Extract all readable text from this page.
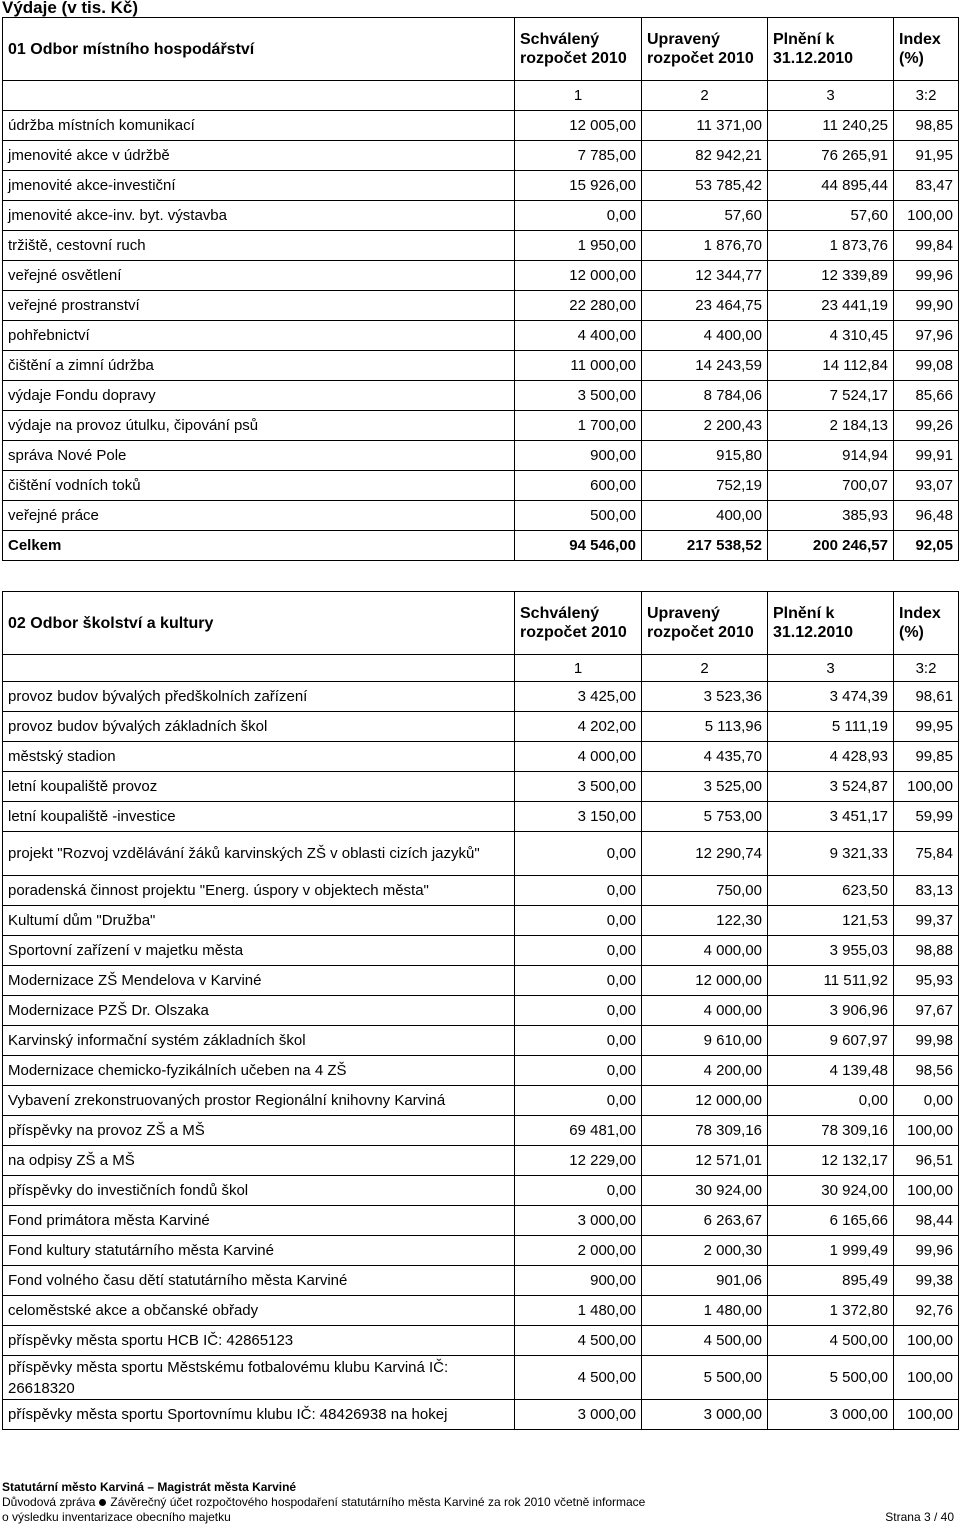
Výdaje (v tis. Kč)
01 Odbor místního hospodářství	Schválený rozpočet 2010	Upravený rozpočet 2010	Plnění k 31.12.2010	Index (%)
	1	2	3	3:2
údržba místních komunikací	12 005,00	11 371,00	11 240,25	98,85
jmenovité akce v údržbě	7 785,00	82 942,21	76 265,91	91,95
jmenovité akce-investiční	15 926,00	53 785,42	44 895,44	83,47
jmenovité akce-inv. byt. výstavba	0,00	57,60	57,60	100,00
tržiště, cestovní ruch	1 950,00	1 876,70	1 873,76	99,84
veřejné osvětlení	12 000,00	12 344,77	12 339,89	99,96
veřejné prostranství	22 280,00	23 464,75	23 441,19	99,90
pohřebnictví	4 400,00	4 400,00	4 310,45	97,96
čištění a zimní údržba	11 000,00	14 243,59	14 112,84	99,08
výdaje Fondu dopravy	3 500,00	8 784,06	7 524,17	85,66
výdaje na provoz útulku, čipování psů	1 700,00	2 200,43	2 184,13	99,26
správa Nové Pole	900,00	915,80	914,94	99,91
čištění vodních toků	600,00	752,19	700,07	93,07
veřejné práce	500,00	400,00	385,93	96,48
Celkem	94 546,00	217 538,52	200 246,57	92,05
02 Odbor školství a kultury	Schválený rozpočet 2010	Upravený rozpočet 2010	Plnění k 31.12.2010	Index (%)
	1	2	3	3:2
provoz budov bývalých předškolních zařízení	3 425,00	3 523,36	3 474,39	98,61
provoz budov bývalých základních škol	4 202,00	5 113,96	5 111,19	99,95
městský stadion	4 000,00	4 435,70	4 428,93	99,85
letní koupaliště provoz	3 500,00	3 525,00	3 524,87	100,00
letní koupaliště -investice	3 150,00	5 753,00	3 451,17	59,99
projekt "Rozvoj vzdělávání žáků karvinských ZŠ v oblasti cizích jazyků"	0,00	12 290,74	9 321,33	75,84
poradenská činnost projektu "Energ. úspory v objektech města"	0,00	750,00	623,50	83,13
Kultumí dům "Družba"	0,00	122,30	121,53	99,37
Sportovní zařízení v majetku města	0,00	4 000,00	3 955,03	98,88
Modernizace ZŠ Mendelova v Karviné	0,00	12 000,00	11 511,92	95,93
Modernizace PZŠ Dr. Olszaka	0,00	4 000,00	3 906,96	97,67
Karvinský informační systém základních škol	0,00	9 610,00	9 607,97	99,98
Modernizace chemicko-fyzikálních učeben na 4 ZŠ	0,00	4 200,00	4 139,48	98,56
Vybavení zrekonstruovaných prostor Regionální knihovny Karviná	0,00	12 000,00	0,00	0,00
příspěvky na provoz ZŠ a MŠ	69 481,00	78 309,16	78 309,16	100,00
na odpisy ZŠ a MŠ	12 229,00	12 571,01	12 132,17	96,51
příspěvky do investičních fondů škol	0,00	30 924,00	30 924,00	100,00
Fond primátora města Karviné	3 000,00	6 263,67	6 165,66	98,44
Fond kultury statutárního města Karviné	2 000,00	2 000,30	1 999,49	99,96
Fond volného času dětí statutárního města Karviné	900,00	901,06	895,49	99,38
celoměstské akce a občanské obřady	1 480,00	1 480,00	1 372,80	92,76
příspěvky města sportu HCB IČ: 42865123	4 500,00	4 500,00	4 500,00	100,00
příspěvky města sportu Městskému fotbalovému klubu Karviná IČ: 26618320	4 500,00	5 500,00	5 500,00	100,00
příspěvky města sportu Sportovnímu klubu IČ: 48426938 na hokej	3 000,00	3 000,00	3 000,00	100,00
Statutární město Karviná – Magistrát města Karviné
Důvodová zpráva Závěrečný účet rozpočtového hospodaření statutárního města Karviné za rok 2010 včetně informace
o výsledku inventarizace obecního majetku	Strana 3 / 40
